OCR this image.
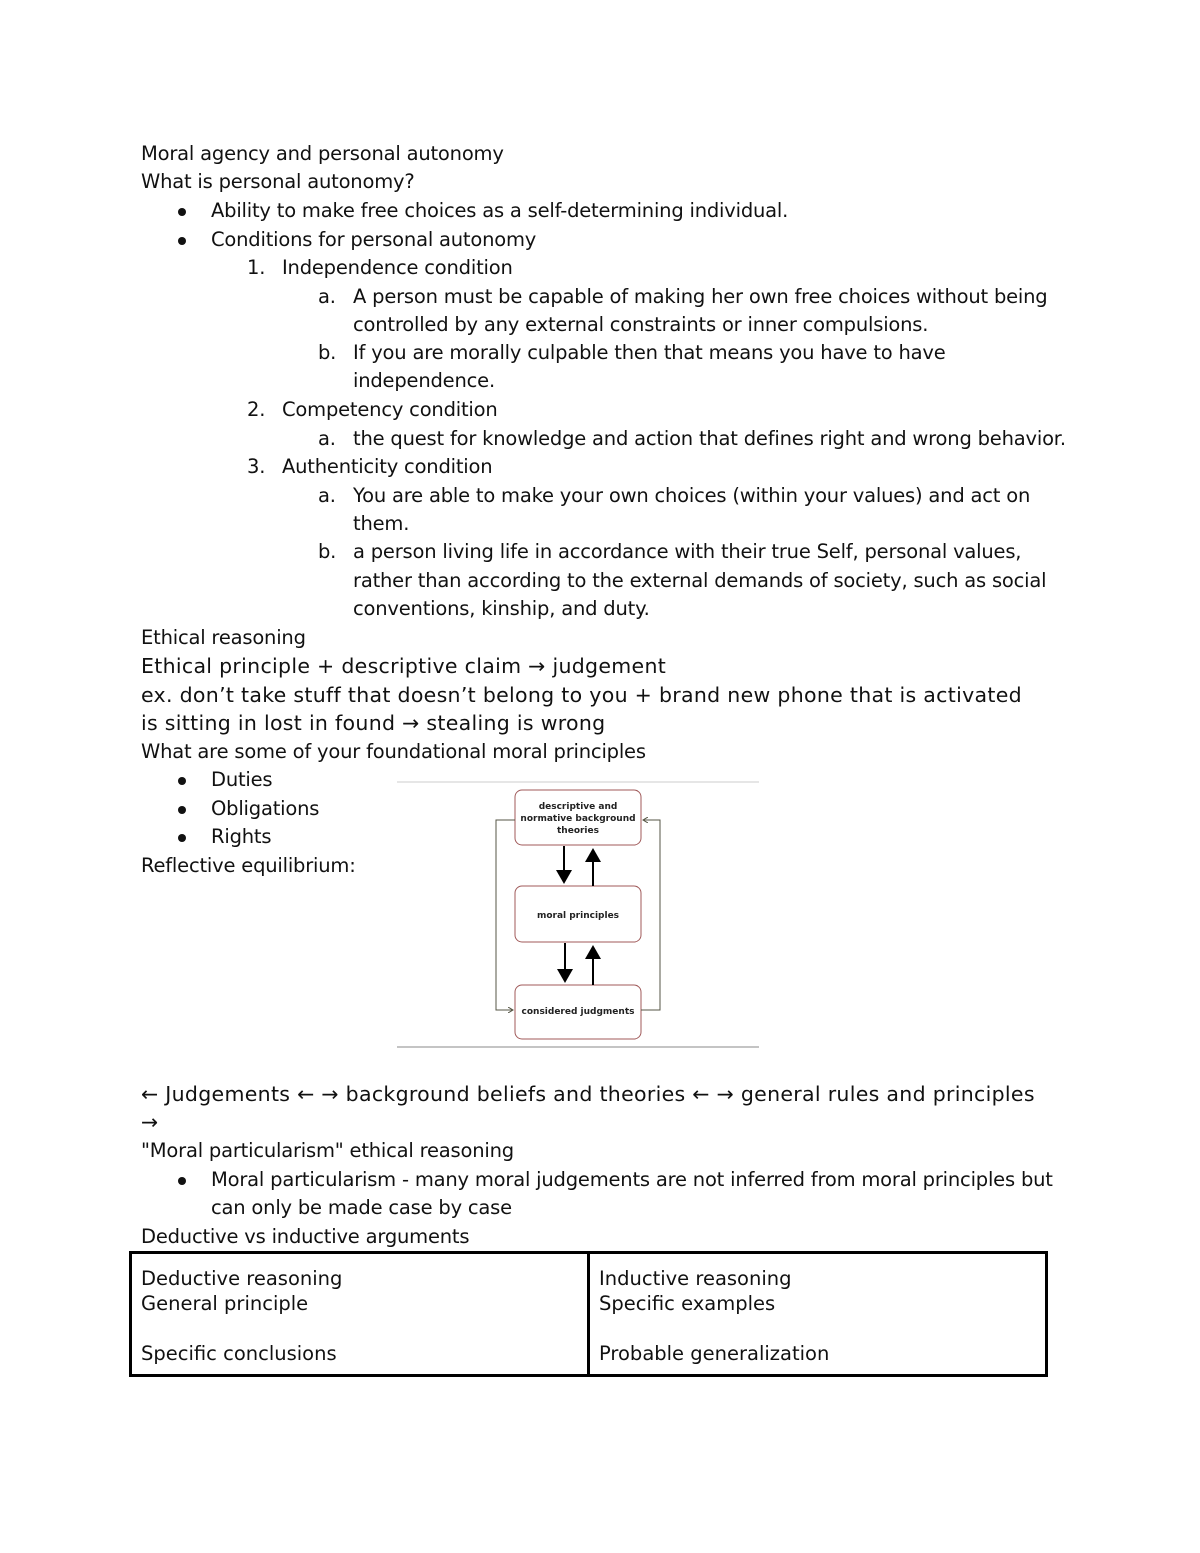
Moral agency and personal autonomy
What is personal autonomy?
Ability to make free choices as a self-determining individual.
Conditions for personal autonomy
1. Independence condition
a. A person must be capable of making her own free choices without being
controlled by any external constraints or inner compulsions.
b. If you are morally culpable then that means you have to have
independence.
2. Competency condition
a. the quest for knowledge and action that defines right and wrong behavior.
3. Authenticity condition
a. You are able to make your own choices (within your values) and act on
them.
b. a person living life in accordance with their true Self, personal values,
rather than according to the external demands of society, such as social
conventions, kinship, and duty.
Ethical reasoning
Ethical principle + descriptive claim → judgement
ex. don’t take stuff that doesn’t belong to you + brand new phone that is activated
is sitting in lost in found → stealing is wrong
What are some of your foundational moral principles
Duties
Obligations
Rights
Reflective equilibrium:
descriptive and
normative background
theories
moral principles
considered judgments
← Judgements ← → background beliefs and theories ← → general rules and principles
→
"Moral particularism" ethical reasoning
Moral particularism - many moral judgements are not inferred from moral principles but
can only be made case by case
Deductive vs inductive arguments
Deductive reasoning
General principle
Specific conclusions

Inductive reasoning
Specific examples
Probable generalization
